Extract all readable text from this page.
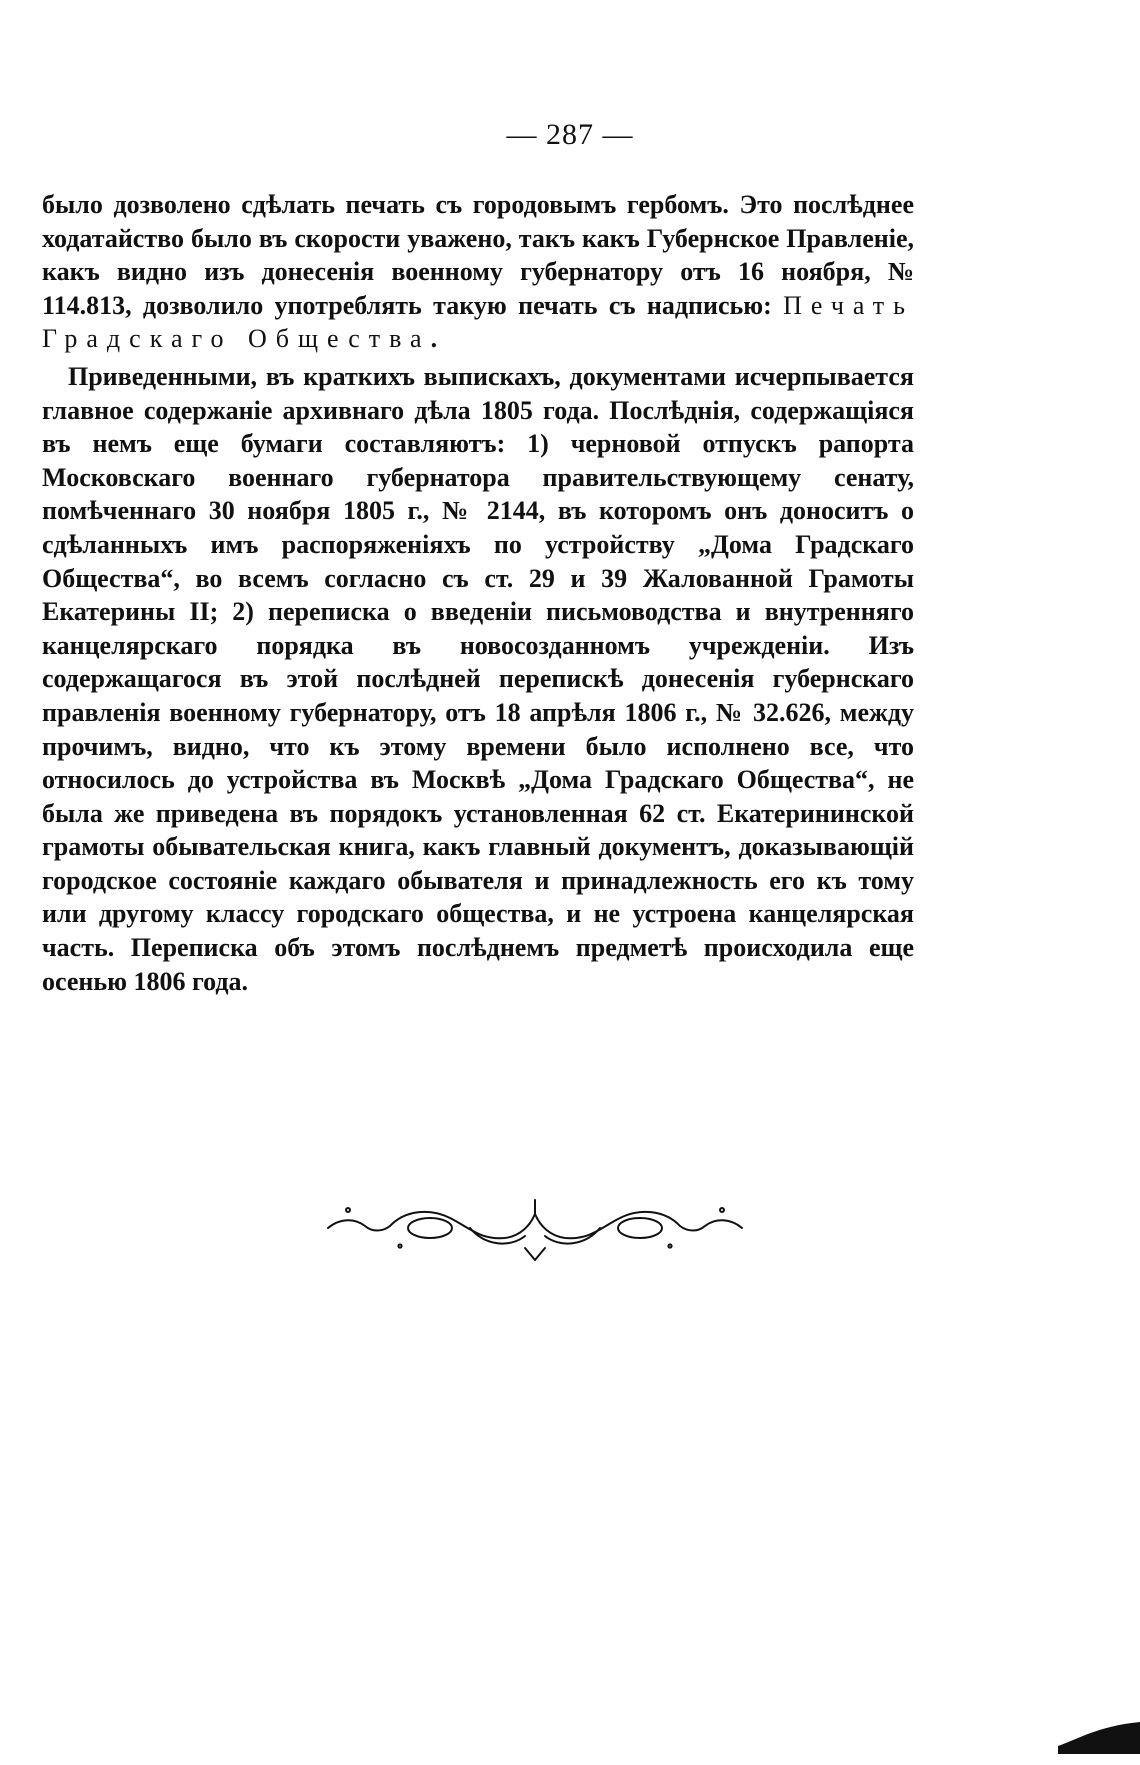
— 287 —

было дозволено сдѣлать печать съ городовымъ гербомъ. Это послѣднее ходатайство было въ скорости уважено, такъ какъ Губернское Правленіе, какъ видно изъ донесенія военному губернатору отъ 16 ноября, № 114.813, дозволило употреблять такую печать съ надписью: Печать Градскаго Общества.

Приведенными, въ краткихъ выпискахъ, документами исчерпывается главное содержаніе архивнаго дѣла 1805 года. Послѣднія, содержащіяся въ немъ еще бумаги составляютъ: 1) черновой отпускъ рапорта Московскаго военнаго губернатора правительствующему сенату, помѣченнаго 30 ноября 1805 г., № 2144, въ которомъ онъ доноситъ о сдѣланныхъ имъ распоряженіяхъ по устройству „Дома Градскаго Общества“, во всемъ согласно съ ст. 29 и 39 Жалованной Грамоты Екатерины II; 2) переписка о введеніи письмоводства и внутренняго канцелярскаго порядка въ новосозданномъ учрежденіи. Изъ содержащагося въ этой послѣдней перепискѣ донесенія губернскаго правленія военному губернатору, отъ 18 апрѣля 1806 г., № 32.626, между прочимъ, видно, что къ этому времени было исполнено все, что относилось до устройства въ Москвѣ „Дома Градскаго Общества“, не была же приведена въ порядокъ установленная 62 ст. Екатерининской грамоты обывательская книга, какъ главный документъ, доказывающій городское состояніе каждаго обывателя и принадлежность его къ тому или другому классу городскаго общества, и не устроена канцелярская часть. Переписка объ этомъ послѣднемъ предметѣ происходила еще осенью 1806 года.
